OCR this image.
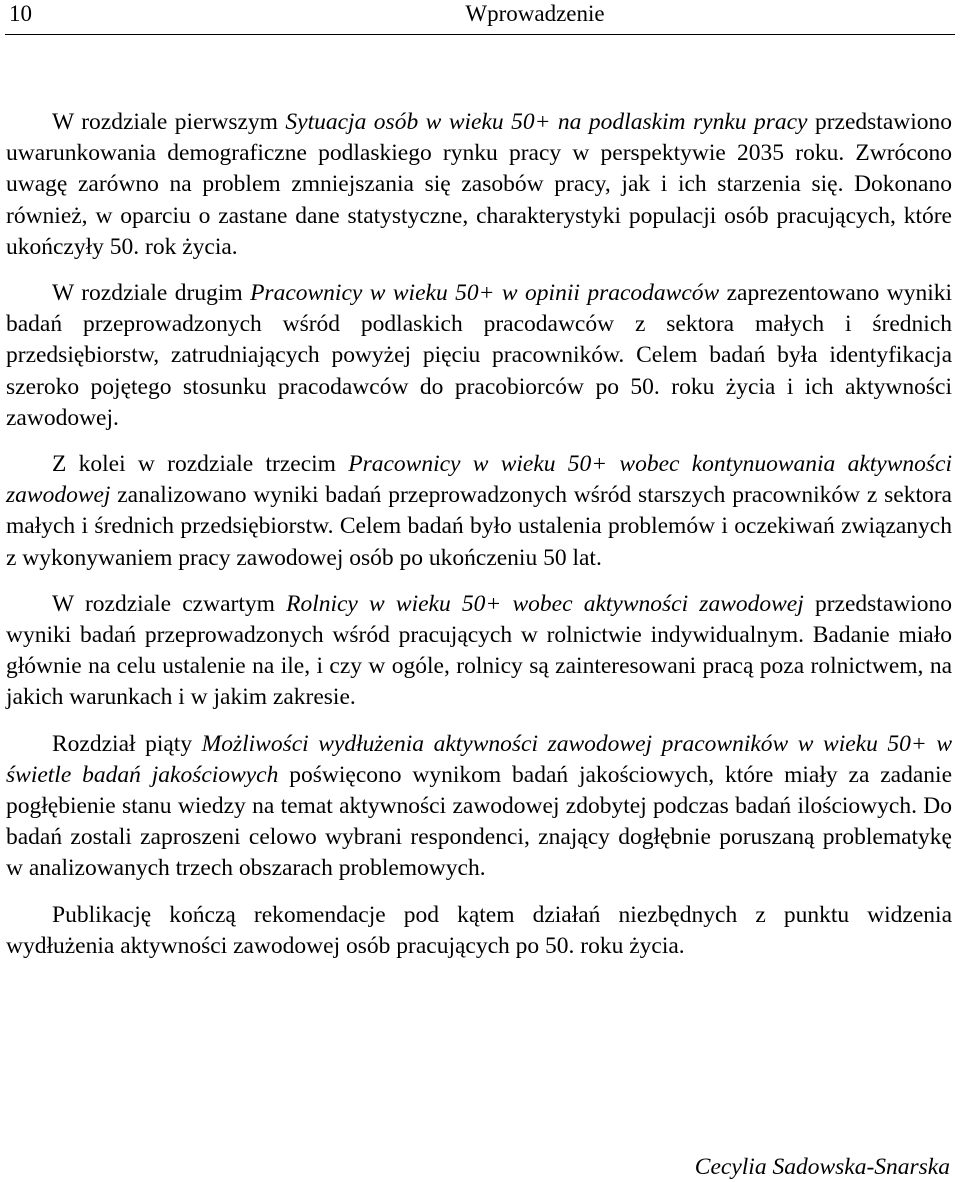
10	Wprowadzenie

W rozdziale pierwszym Sytuacja osób w wieku 50+ na podlaskim rynku pracy przedstawiono uwarunkowania demograficzne podlaskiego rynku pracy w perspektywie 2035 roku. Zwrócono uwagę zarówno na problem zmniejszania się zasobów pracy, jak i ich starzenia się. Dokonano również, w oparciu o zastane dane statystyczne, charakterystyki populacji osób pracujących, które ukończyły 50. rok życia.

W rozdziale drugim Pracownicy w wieku 50+ w opinii pracodawców zaprezentowano wyniki badań przeprowadzonych wśród podlaskich pracodawców z sektora małych i średnich przedsiębiorstw, zatrudniających powyżej pięciu pracowników. Celem badań była identyfikacja szeroko pojętego stosunku pracodawców do pracobiorców po 50. roku życia i ich aktywności zawodowej.

Z kolei w rozdziale trzecim Pracownicy w wieku 50+ wobec kontynuowania aktywności zawodowej zanalizowano wyniki badań przeprowadzonych wśród starszych pracowników z sektora małych i średnich przedsiębiorstw. Celem badań było ustalenia problemów i oczekiwań związanych z wykonywaniem pracy zawodowej osób po ukończeniu 50 lat.

W rozdziale czwartym Rolnicy w wieku 50+ wobec aktywności zawodowej przedstawiono wyniki badań przeprowadzonych wśród pracujących w rolnictwie indywidualnym. Badanie miało głównie na celu ustalenie na ile, i czy w ogóle, rolnicy są zainteresowani pracą poza rolnictwem, na jakich warunkach i w jakim zakresie.

Rozdział piąty Możliwości wydłużenia aktywności zawodowej pracowników w wieku 50+ w świetle badań jakościowych poświęcono wynikom badań jakościowych, które miały za zadanie pogłębienie stanu wiedzy na temat aktywności zawodowej zdobytej podczas badań ilościowych. Do badań zostali zaproszeni celowo wybrani respondenci, znający dogłębnie poruszaną problematykę w analizowanych trzech obszarach problemowych.

Publikację kończą rekomendacje pod kątem działań niezbędnych z punktu widzenia wydłużenia aktywności zawodowej osób pracujących po 50. roku życia.

Cecylia Sadowska-Snarska
